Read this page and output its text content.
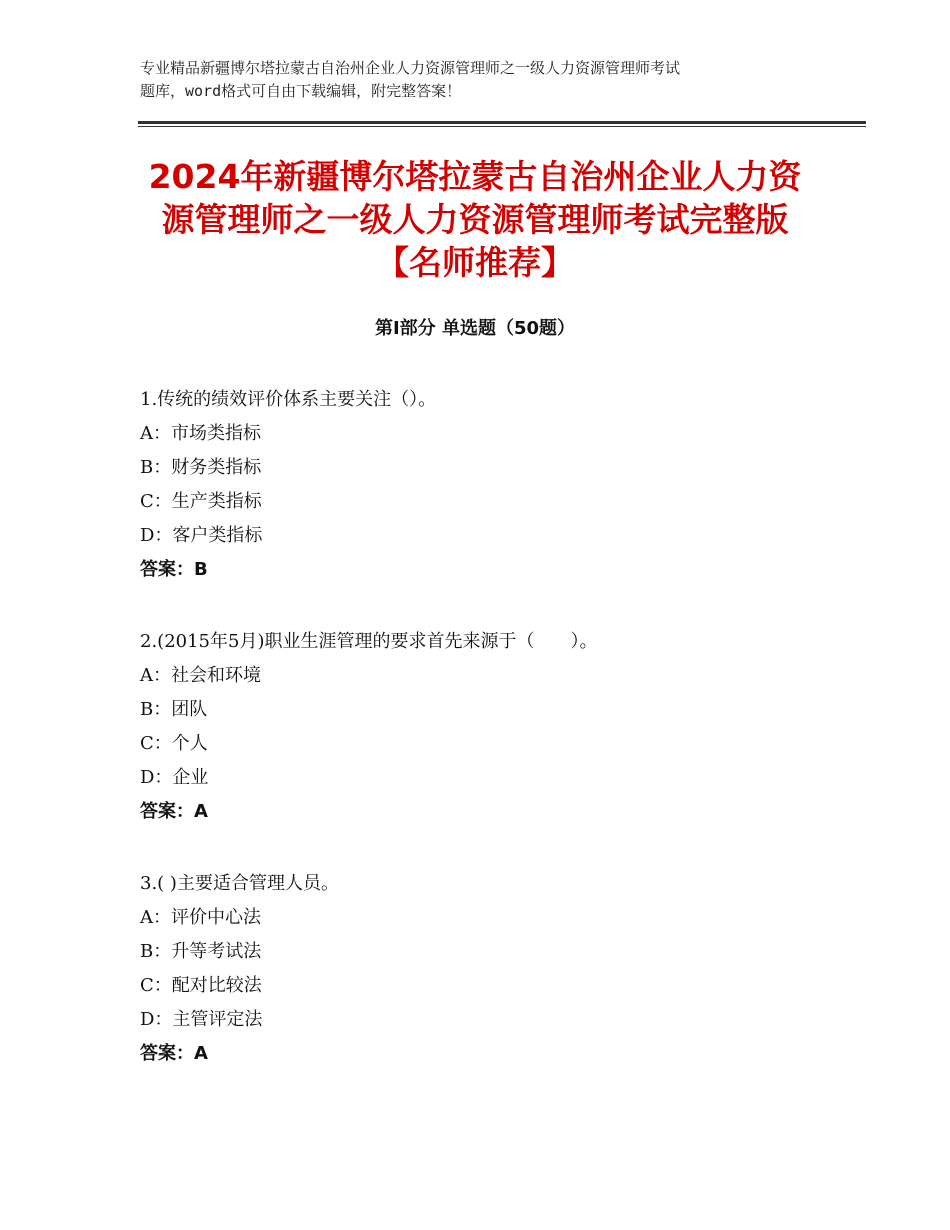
专业精品新疆博尔塔拉蒙古自治州企业人力资源管理师之一级人力资源管理师考试
题库，word格式可自由下载编辑，附完整答案！
2024年新疆博尔塔拉蒙古自治州企业人力资
源管理师之一级人力资源管理师考试完整版
【名师推荐】
第Ⅰ部分 单选题（50题）
1.传统的绩效评价体系主要关注（）。
A：市场类指标
B：财务类指标
C：生产类指标
D：客户类指标
答案：B
2.(2015年5月)职业生涯管理的要求首先来源于（　　）。
A：社会和环境
B：团队
C：个人
D：企业
答案：A
3.( )主要适合管理人员。
A：评价中心法
B：升等考试法
C：配对比较法
D：主管评定法
答案：A
